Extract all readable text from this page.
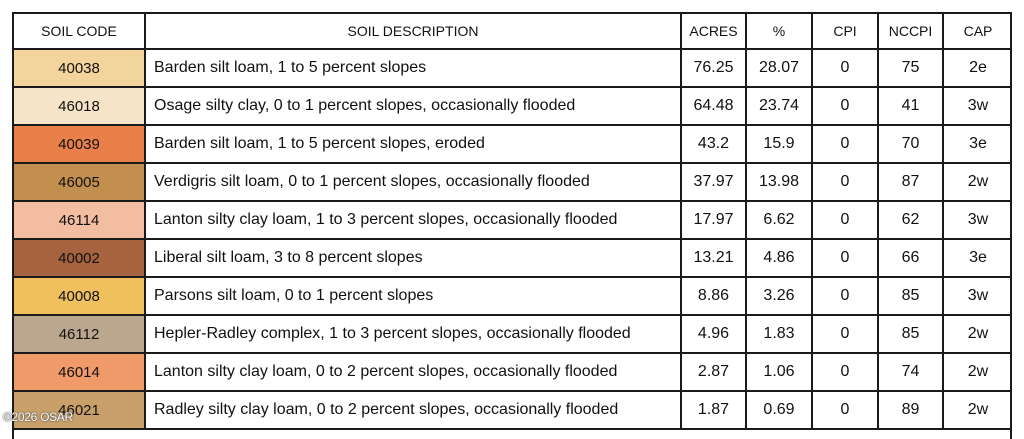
SOIL CODE	SOIL DESCRIPTION	ACRES	%	CPI	NCCPI	CAP
40038	Barden silt loam, 1 to 5 percent slopes	76.25	28.07	0	75	2e
46018	Osage silty clay, 0 to 1 percent slopes, occasionally flooded	64.48	23.74	0	41	3w
40039	Barden silt loam, 1 to 5 percent slopes, eroded	43.2	15.9	0	70	3e
46005	Verdigris silt loam, 0 to 1 percent slopes, occasionally flooded	37.97	13.98	0	87	2w
46114	Lanton silty clay loam, 1 to 3 percent slopes, occasionally flooded	17.97	6.62	0	62	3w
40002	Liberal silt loam, 3 to 8 percent slopes	13.21	4.86	0	66	3e
40008	Parsons silt loam, 0 to 1 percent slopes	8.86	3.26	0	85	3w
46112	Hepler-Radley complex, 1 to 3 percent slopes, occasionally flooded	4.96	1.83	0	85	2w
46014	Lanton silty clay loam, 0 to 2 percent slopes, occasionally flooded	2.87	1.06	0	74	2w
46021	Radley silty clay loam, 0 to 2 percent slopes, occasionally flooded	1.87	0.69	0	89	2w
©2026 OSAR
